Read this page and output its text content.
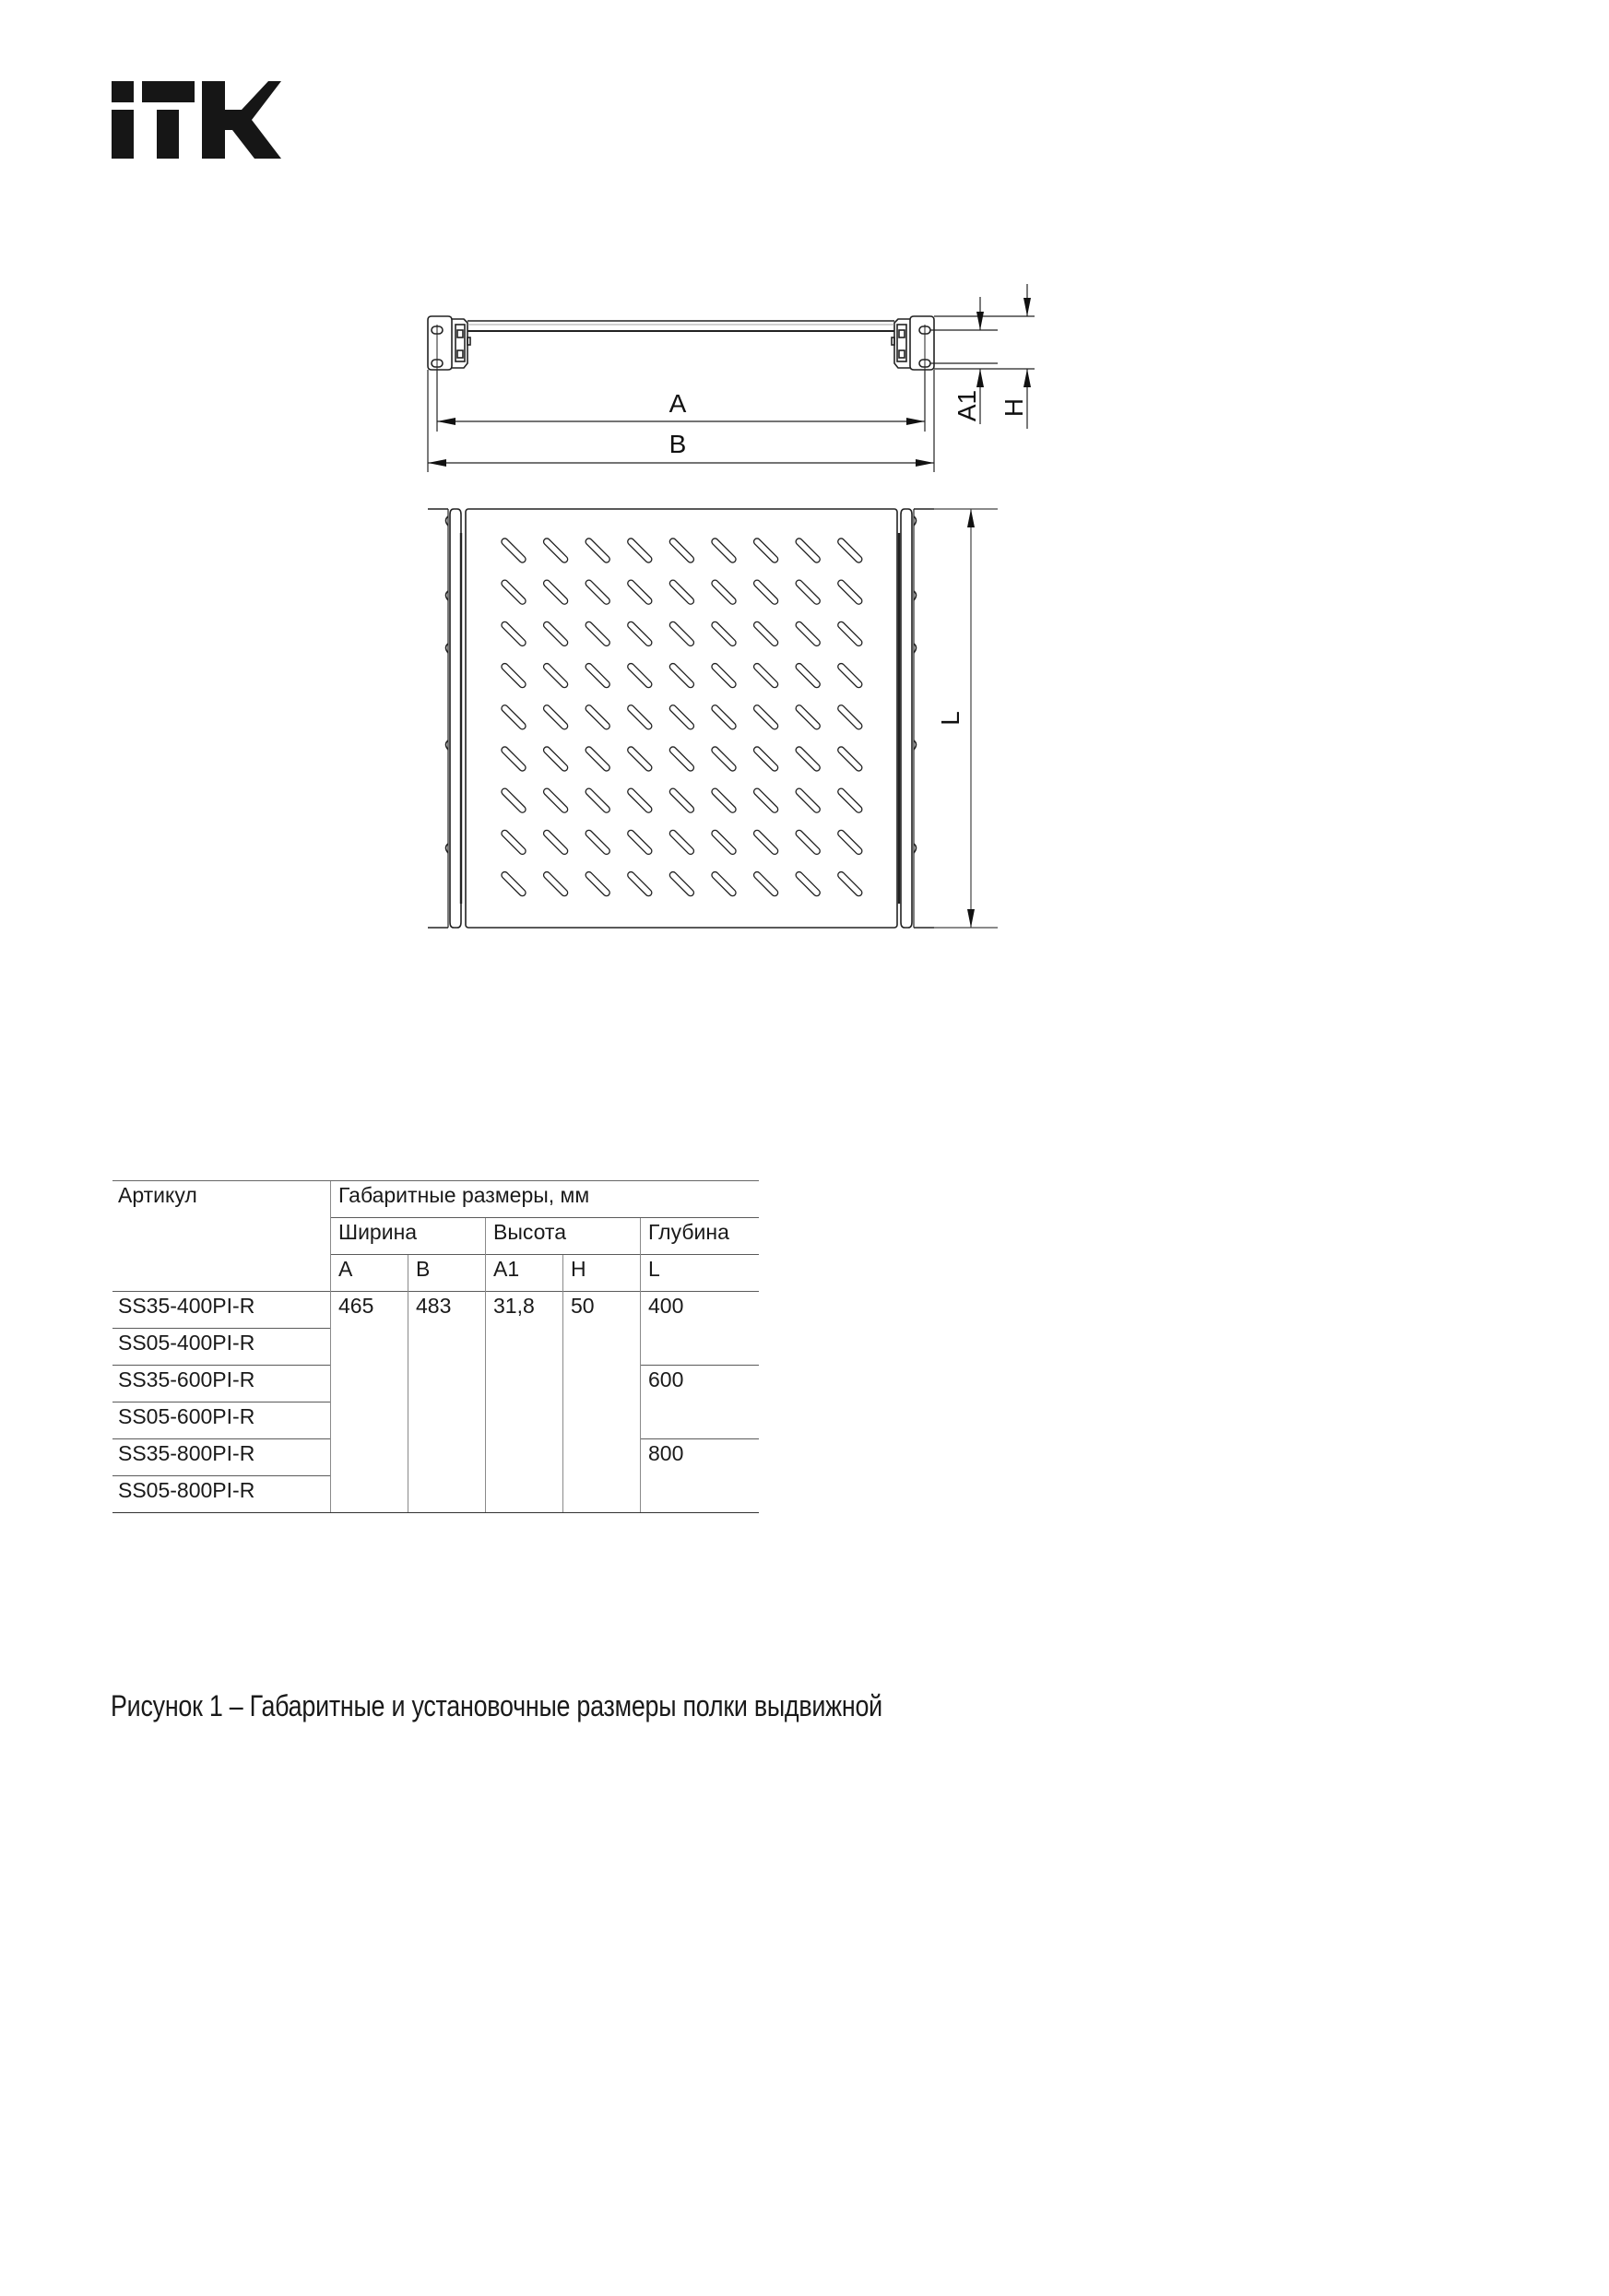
A
B
A1 H
L
Артикул	Габаритные размеры, мм				
	Ширина		Высота		Глубина
	A	B	A1	H	L
SS35-400PI-R	465	483	31,8	50	400
SS05-400PI-R					
SS35-600PI-R					600
SS05-600PI-R					
SS35-800PI-R					800
SS05-800PI-R					
Рисунок 1 – Габаритные и установочные размеры полки выдвижной
